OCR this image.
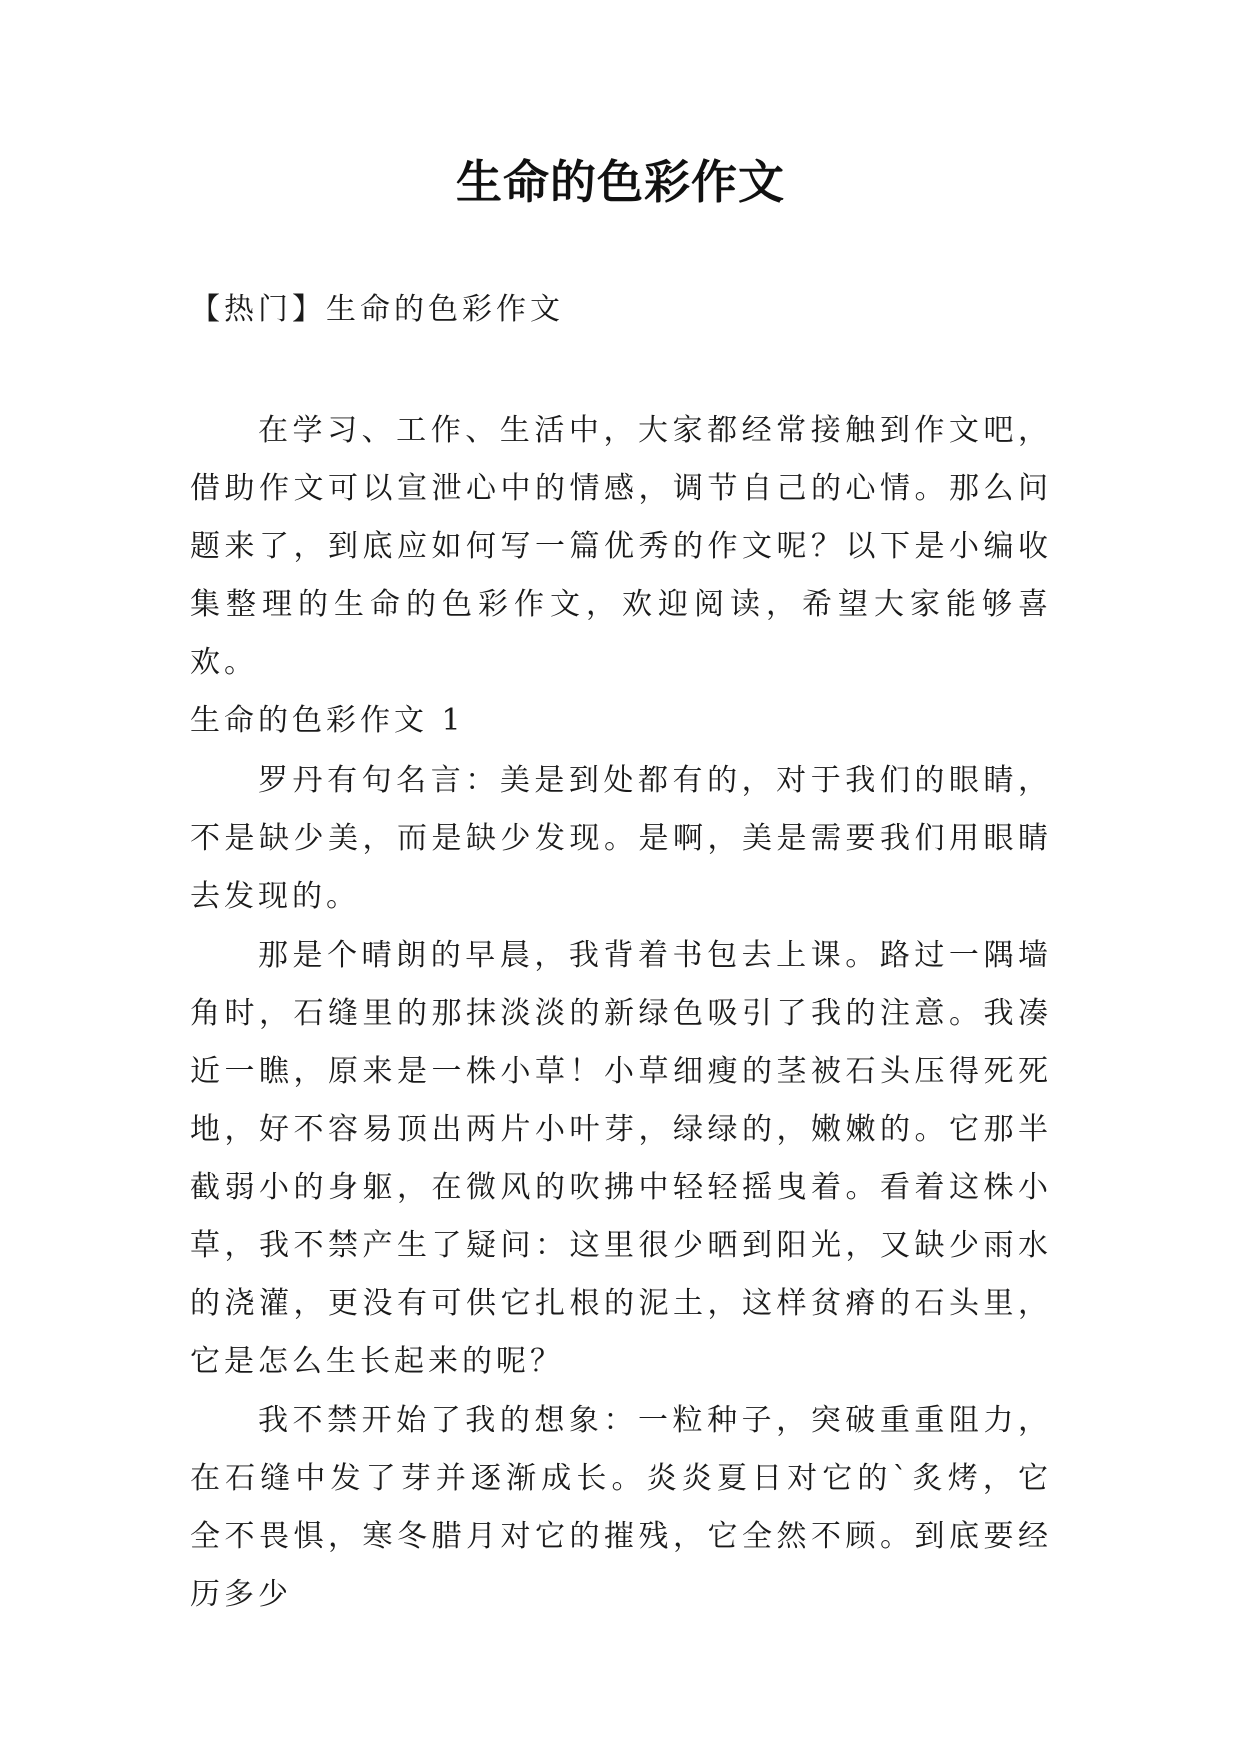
生命的色彩作文
【热门】生命的色彩作文

在学习、工作、生活中，大家都经常接触到作文吧，借助作文可以宣泄心中的情感，调节自己的心情。那么问题来了，到底应如何写一篇优秀的作文呢？以下是小编收集整理的生命的色彩作文，欢迎阅读，希望大家能够喜欢。

生命的色彩作文 1

罗丹有句名言：美是到处都有的，对于我们的眼睛，不是缺少美，而是缺少发现。是啊，美是需要我们用眼睛去发现的。

那是个晴朗的早晨，我背着书包去上课。路过一隅墙角时，石缝里的那抹淡淡的新绿色吸引了我的注意。我凑近一瞧，原来是一株小草！小草细瘦的茎被石头压得死死地，好不容易顶出两片小叶芽，绿绿的，嫩嫩的。它那半截弱小的身躯，在微风的吹拂中轻轻摇曳着。看着这株小草，我不禁产生了疑问：这里很少晒到阳光，又缺少雨水的浇灌，更没有可供它扎根的泥土，这样贫瘠的石头里，它是怎么生长起来的呢？

我不禁开始了我的想象：一粒种子，突破重重阻力，在石缝中发了芽并逐渐成长。炎炎夏日对它的`炙烤，它全不畏惧，寒冬腊月对它的摧残，它全然不顾。到底要经历多少
